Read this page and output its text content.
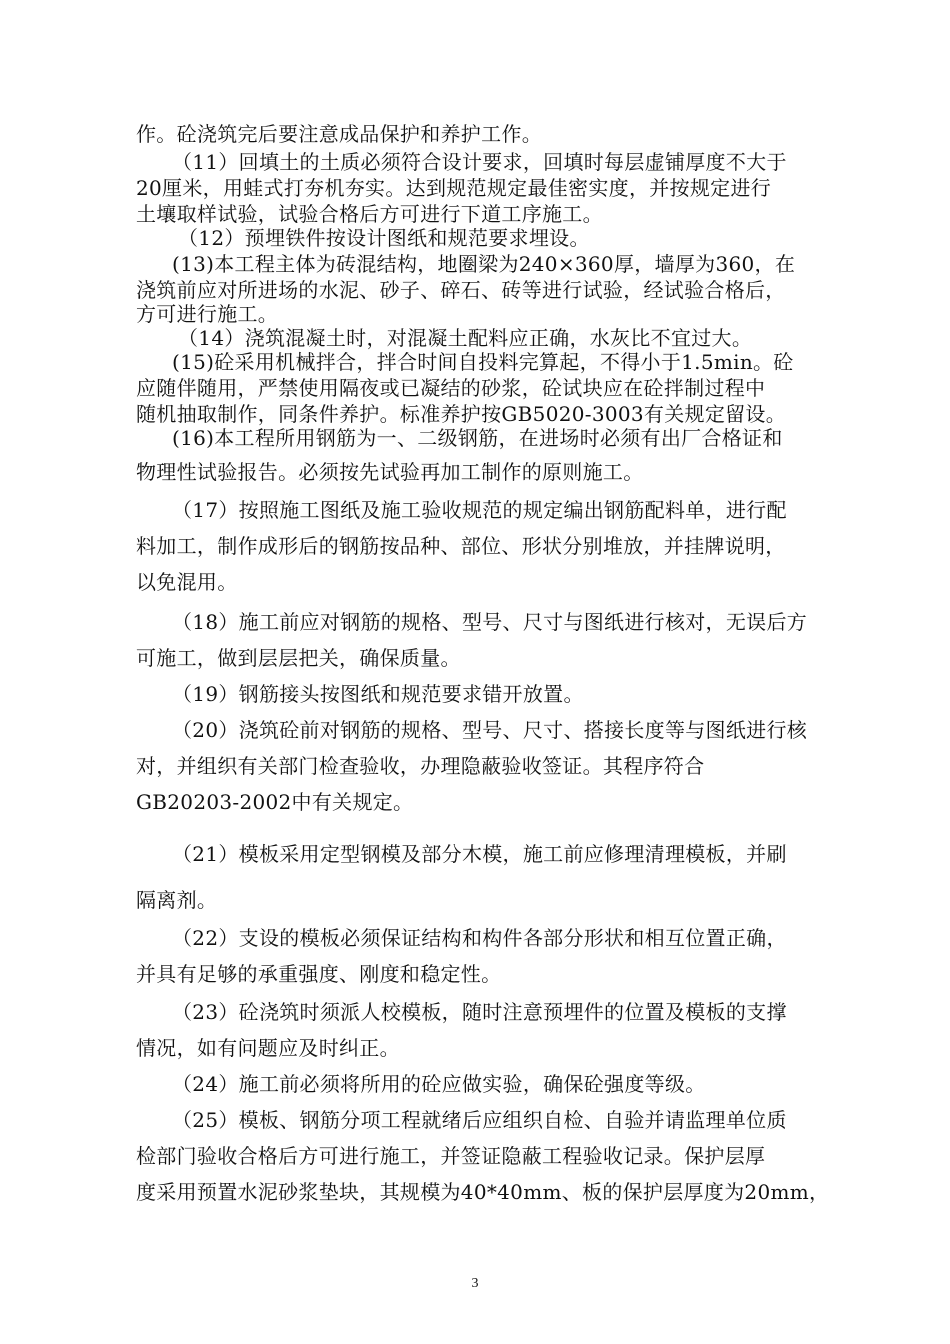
作。砼浇筑完后要注意成品保护和养护工作。
（11）回填土的土质必须符合设计要求，回填时每层虚铺厚度不大于
20厘米，用蛙式打夯机夯实。达到规范规定最佳密实度，并按规定进行
土壤取样试验，试验合格后方可进行下道工序施工。
（12）预埋铁件按设计图纸和规范要求埋设。
(13)本工程主体为砖混结构，地圈梁为240×360厚，墙厚为360，在
浇筑前应对所进场的水泥、砂子、碎石、砖等进行试验，经试验合格后，
方可进行施工。
（14）浇筑混凝土时，对混凝土配料应正确，水灰比不宜过大。
(15)砼采用机械拌合，拌合时间自投料完算起，不得小于1.5min。砼
应随伴随用，严禁使用隔夜或已凝结的砂浆，砼试块应在砼拌制过程中
随机抽取制作，同条件养护。标准养护按GB5020-3003有关规定留设。
(16)本工程所用钢筋为一、二级钢筋，在进场时必须有出厂合格证和
物理性试验报告。必须按先试验再加工制作的原则施工。
（17）按照施工图纸及施工验收规范的规定编出钢筋配料单，进行配
料加工，制作成形后的钢筋按品种、部位、形状分别堆放，并挂牌说明，
以免混用。
（18）施工前应对钢筋的规格、型号、尺寸与图纸进行核对，无误后方
可施工，做到层层把关，确保质量。
（19）钢筋接头按图纸和规范要求错开放置。
（20）浇筑砼前对钢筋的规格、型号、尺寸、搭接长度等与图纸进行核
对，并组织有关部门检查验收，办理隐蔽验收签证。其程序符合
GB20203-2002中有关规定。
（21）模板采用定型钢模及部分木模，施工前应修理清理模板，并刷
隔离剂。
（22）支设的模板必须保证结构和构件各部分形状和相互位置正确，
并具有足够的承重强度、刚度和稳定性。
（23）砼浇筑时须派人校模板，随时注意预埋件的位置及模板的支撑
情况，如有问题应及时纠正。
（24）施工前必须将所用的砼应做实验，确保砼强度等级。
（25）模板、钢筋分项工程就绪后应组织自检、自验并请监理单位质
检部门验收合格后方可进行施工，并签证隐蔽工程验收记录。保护层厚
度采用预置水泥砂浆垫块，其规模为40*40mm、板的保护层厚度为20mm，
3
